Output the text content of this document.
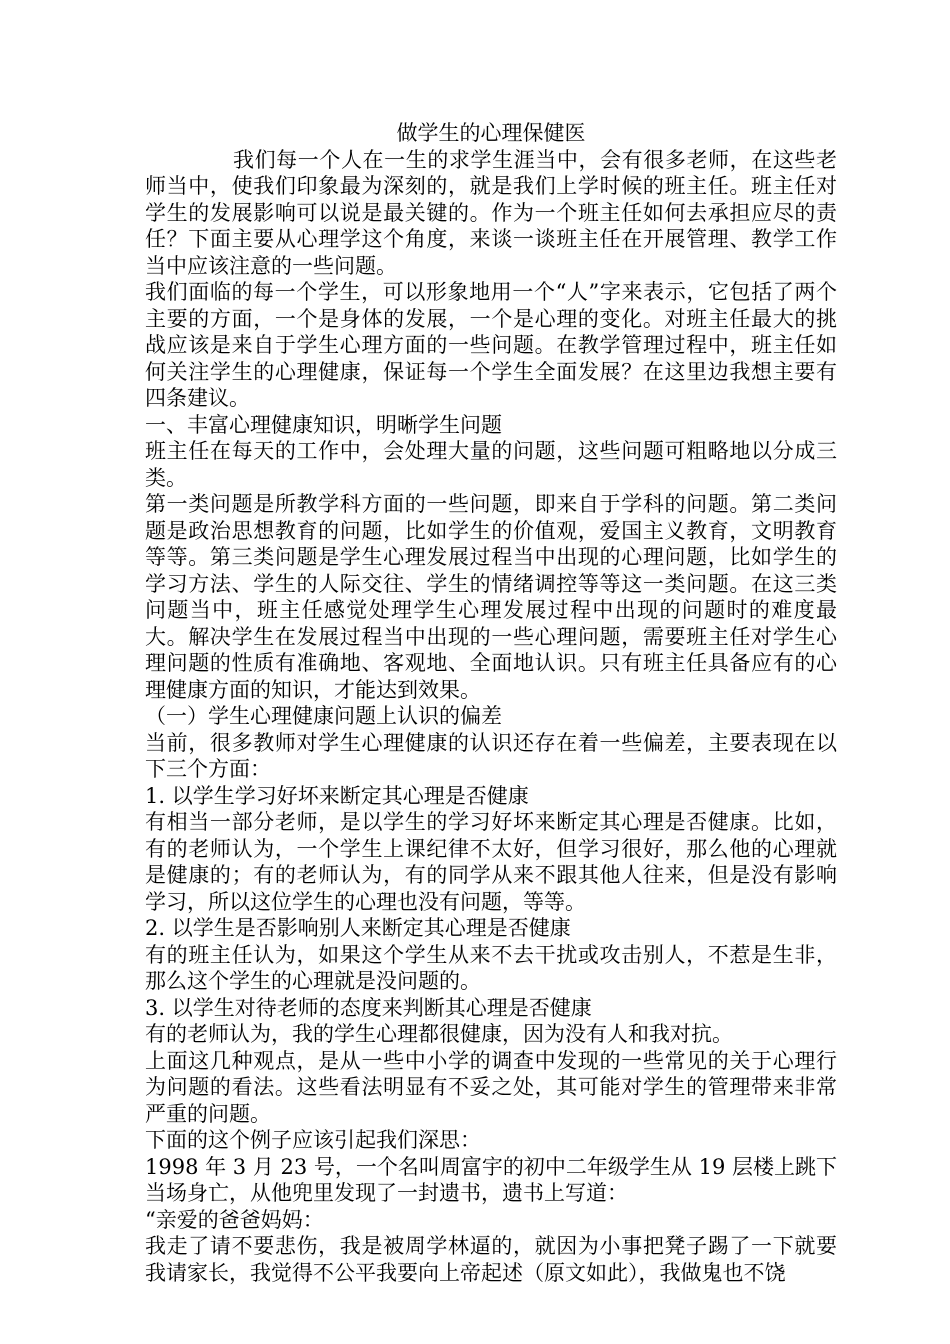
做学生的心理保健医

我们每一个人在一生的求学生涯当中，会有很多老师，在这些老师当中，使我们印象最为深刻的，就是我们上学时候的班主任。班主任对学生的发展影响可以说是最关键的。作为一个班主任如何去承担应尽的责任？下面主要从心理学这个角度，来谈一谈班主任在开展管理、教学工作当中应该注意的一些问题。

我们面临的每一个学生，可以形象地用一个“人”字来表示，它包括了两个主要的方面，一个是身体的发展，一个是心理的变化。对班主任最大的挑战应该是来自于学生心理方面的一些问题。在教学管理过程中，班主任如何关注学生的心理健康，保证每一个学生全面发展？在这里边我想主要有四条建议。

一、丰富心理健康知识，明晰学生问题

班主任在每天的工作中，会处理大量的问题，这些问题可粗略地以分成三类。

第一类问题是所教学科方面的一些问题，即来自于学科的问题。第二类问题是政治思想教育的问题，比如学生的价值观，爱国主义教育，文明教育等等。第三类问题是学生心理发展过程当中出现的心理问题，比如学生的学习方法、学生的人际交往、学生的情绪调控等等这一类问题。在这三类问题当中，班主任感觉处理学生心理发展过程中出现的问题时的难度最大。解决学生在发展过程当中出现的一些心理问题，需要班主任对学生心理问题的性质有准确地、客观地、全面地认识。只有班主任具备应有的心理健康方面的知识，才能达到效果。

（一）学生心理健康问题上认识的偏差

当前，很多教师对学生心理健康的认识还存在着一些偏差，主要表现在以下三个方面：

1. 以学生学习好坏来断定其心理是否健康

有相当一部分老师，是以学生的学习好坏来断定其心理是否健康。比如，有的老师认为，一个学生上课纪律不太好，但学习很好，那么他的心理就是健康的；有的老师认为，有的同学从来不跟其他人往来，但是没有影响学习，所以这位学生的心理也没有问题，等等。

2. 以学生是否影响别人来断定其心理是否健康

有的班主任认为，如果这个学生从来不去干扰或攻击别人，不惹是生非，那么这个学生的心理就是没问题的。

3. 以学生对待老师的态度来判断其心理是否健康

有的老师认为，我的学生心理都很健康，因为没有人和我对抗。

上面这几种观点，是从一些中小学的调查中发现的一些常见的关于心理行为问题的看法。这些看法明显有不妥之处，其可能对学生的管理带来非常严重的问题。

下面的这个例子应该引起我们深思：

1998 年 3 月 23 号，一个名叫周富宇的初中二年级学生从 19 层楼上跳下当场身亡，从他兜里发现了一封遗书，遗书上写道：

“亲爱的爸爸妈妈：

我走了请不要悲伤，我是被周学林逼的，就因为小事把凳子踢了一下就要我请家长，我觉得不公平我要向上帝起述（原文如此），我做鬼也不饶
